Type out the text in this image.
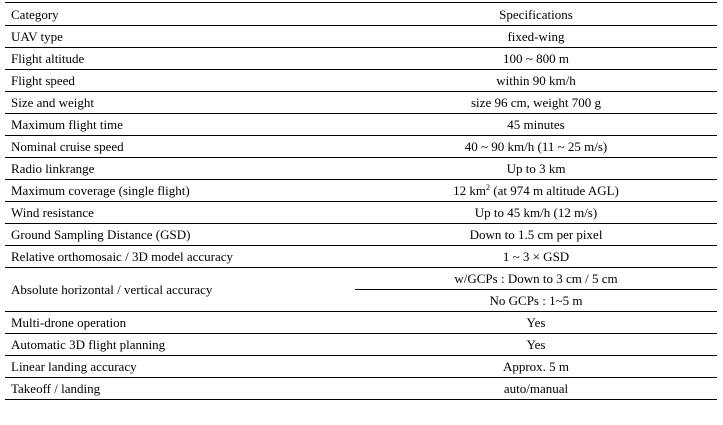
Category	Specifications
UAV type	fixed-wing
Flight altitude	100 ~ 800 m
Flight speed	within 90 km/h
Size and weight	size 96 cm, weight 700 g
Maximum flight time	45 minutes
Nominal cruise speed	40 ~ 90 km/h (11 ~ 25 m/s)
Radio linkrange	Up to 3 km
Maximum coverage (single flight)	12 $km^2$ (at 974 m altitude AGL)
Wind resistance	Up to 45 km/h (12 m/s)
Ground Sampling Distance (GSD)	Down to 1.5 cm per pixel
Relative orthomosaic / 3D model accuracy	1 ~ 3 × GSD
Absolute horizontal / vertical accuracy	w/GCPs : Down to 3 cm / 5 cm
	No GCPs : 1~5 m
Multi-drone operation	Yes
Automatic 3D flight planning	Yes
Linear landing accuracy	Approx. 5 m
Takeoff / landing	auto/manual
